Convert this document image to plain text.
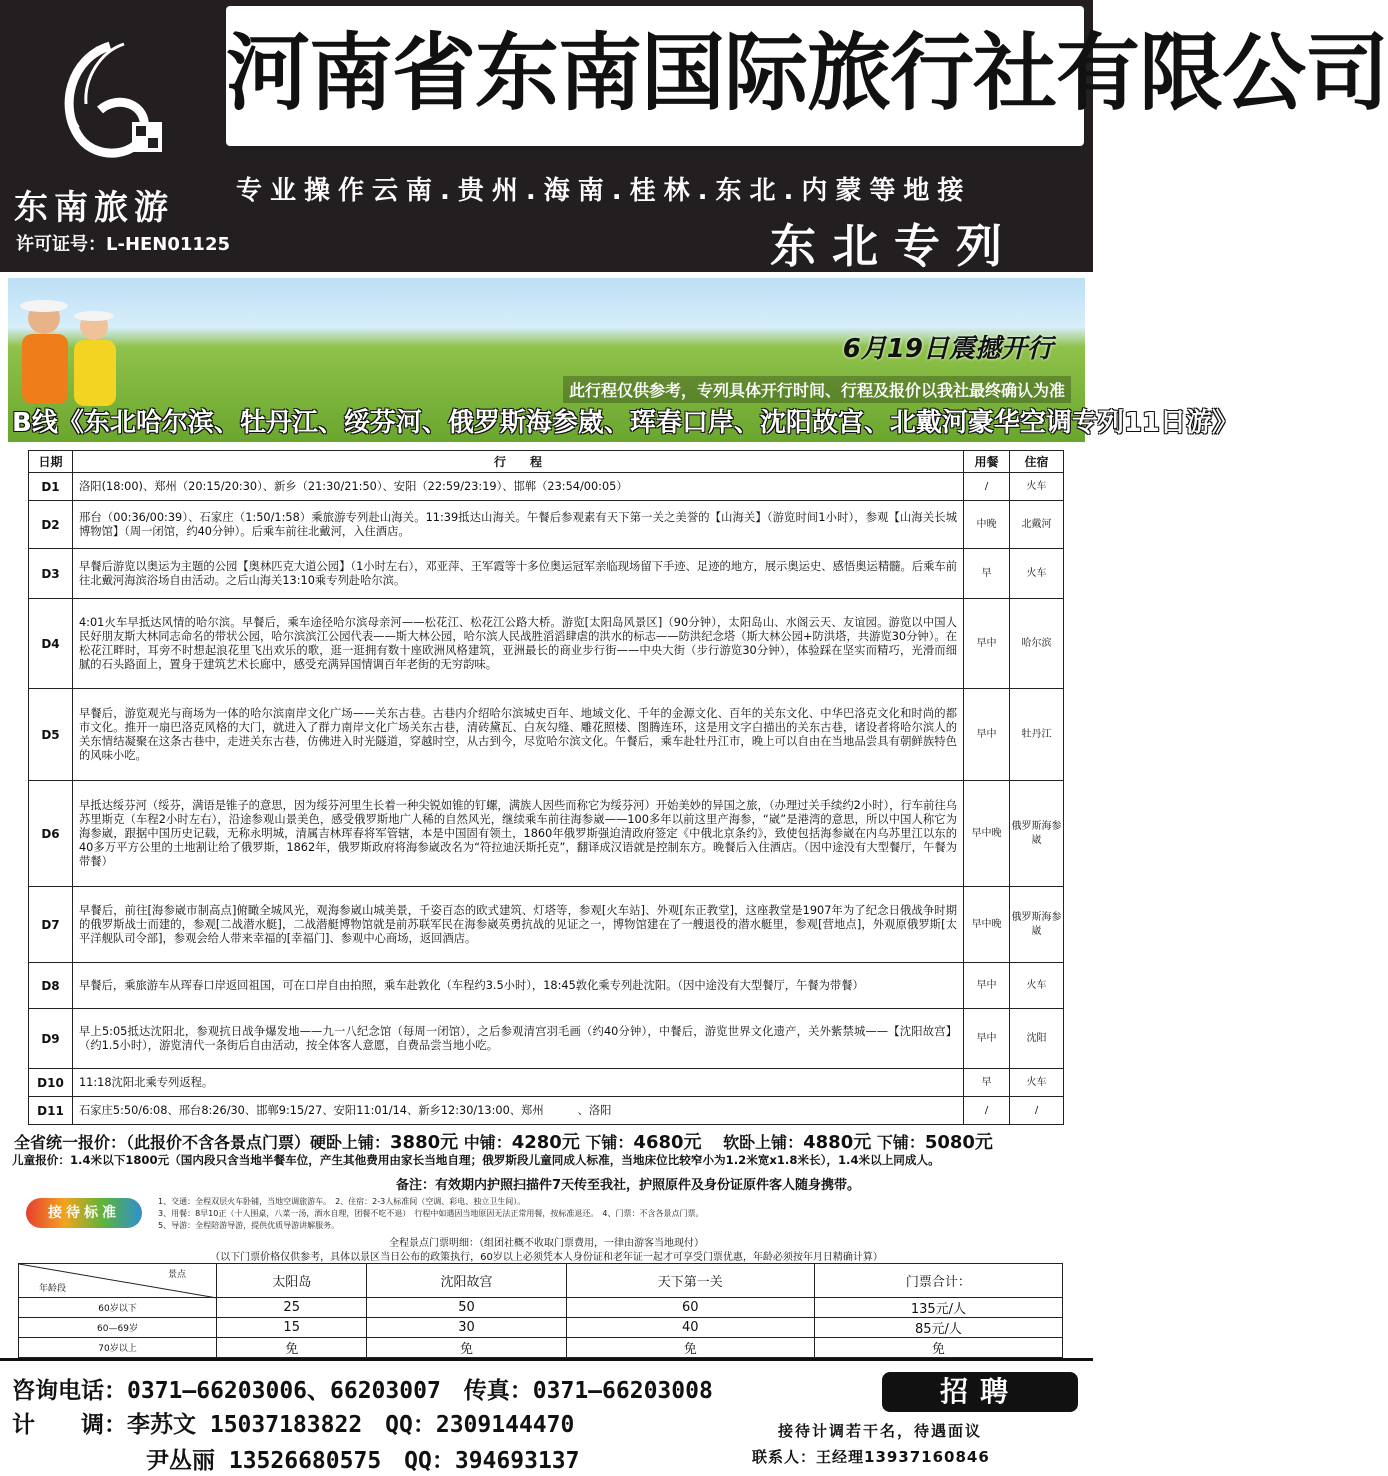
东南旅游
许可证号：L-HEN01125
河南省东南国际旅行社有限公司
专业操作云南.贵州.海南.桂林.东北.内蒙等地接
东北专列
6月19日震撼开行
此行程仅供参考，专列具体开行时间、行程及报价以我社最终确认为准
B线《东北哈尔滨、牡丹江、绥芬河、俄罗斯海参崴、珲春口岸、沈阳故宫、北戴河豪华空调专列11日游》
日期	行　　程	用餐	住宿
D1	洛阳(18:00)、郑州（20:15/20:30）、新乡（21:30/21:50）、安阳（22:59/23:19）、邯郸（23:54/00:05）	/	火车
D2	邢台（00:36/00:39）、石家庄（1:50/1:58）乘旅游专列赴山海关。11:39抵达山海关。午餐后参观素有天下第一关之美誉的【山海关】（游览时间1小时），参观【山海关长城博物馆】（周一闭馆，约40分钟）。后乘车前往北戴河，入住酒店。	中晚	北戴河
D3	早餐后游览以奥运为主题的公园【奥林匹克大道公园】（1小时左右），邓亚萍、王军霞等十多位奥运冠军亲临现场留下手迹、足迹的地方，展示奥运史、感悟奥运精髓。后乘车前往北戴河海滨浴场自由活动。之后山海关13:10乘专列赴哈尔滨。	早	火车
D4	4:01火车早抵达风情的哈尔滨。早餐后，乘车途径哈尔滨母亲河——松花江、松花江公路大桥。游览[太阳岛风景区]（90分钟），太阳岛山、水阁云天、友谊园。游览以中国人民好朋友斯大林同志命名的带状公园，哈尔滨滨江公园代表——斯大林公园，哈尔滨人民战胜滔滔肆虐的洪水的标志——防洪纪念塔（斯大林公园+防洪塔，共游览30分钟）。在松花江畔时，耳旁不时想起浪花里飞出欢乐的歌，逛一逛拥有数十座欧洲风格建筑，亚洲最长的商业步行街——中央大街（步行游览30分钟），体验踩在坚实而精巧，光滑而细腻的石头路面上，置身于建筑艺术长廊中，感受充满异国情调百年老街的无穷韵味。	早中	哈尔滨
D5	早餐后，游览观光与商场为一体的哈尔滨南岸文化广场——关东古巷。古巷内介绍哈尔滨城史百年、地域文化、千年的金源文化、百年的关东文化、中华巴洛克文化和时尚的都市文化。推开一扇巴洛克风格的大门，就进入了群力南岸文化广场关东古巷，清砖黛瓦、白灰勾缝、雕花照楼、图腾连环，这是用文字白描出的关东古巷，诸设者将哈尔滨人的关东情结凝聚在这条古巷中，走进关东古巷，仿佛进入时光隧道，穿越时空，从古到今，尽览哈尔滨文化。午餐后，乘车赴牡丹江市，晚上可以自由在当地品尝具有朝鲜族特色的风味小吃。	早中	牡丹江
D6	早抵达绥芬河（绥芬，满语是锥子的意思，因为绥芬河里生长着一种尖锐如锥的钉螺，满族人因些而称它为绥芬河）开始美妙的异国之旅，（办理过关手续约2小时），行车前往乌苏里斯克（车程2小时左右），沿途参观山景美色，感受俄罗斯地广人稀的自然风光，继续乘车前往海参崴——100多年以前这里产海参，“崴”是港湾的意思，所以中国人称它为海参崴，跟据中国历史记载，无称永明城，清属吉林珲春将军管辖，本是中国固有领土，1860年俄罗斯强迫清政府签定《中俄北京条约》，致使包括海参崴在内乌苏里江以东的40多万平方公里的土地割让给了俄罗斯，1862年，俄罗斯政府将海参崴改名为“符拉迪沃斯托克”，翻译成汉语就是控制东方。晚餐后入住酒店。（因中途没有大型餐厅，午餐为带餐）	早中晚	俄罗斯海参崴
D7	早餐后，前往[海参崴市制高点]俯瞰全城风光，观海参崴山城美景，千姿百态的欧式建筑、灯塔等，参观[火车站]、外观[东正教堂]，这座教堂是1907年为了纪念日俄战争时期的俄罗斯战士而建的，参观[二战潜水艇]，二战潜艇博物馆就是前苏联军民在海参崴英勇抗战的见证之一，博物馆建在了一艘退役的潜水艇里，参观[营地点]，外观原俄罗斯[太平洋舰队司令部]，参观会给人带来幸福的[幸福门]、参观中心商场，返回酒店。	早中晚	俄罗斯海参崴
D8	早餐后，乘旅游车从珲春口岸返回祖国，可在口岸自由拍照，乘车赴敦化（车程约3.5小时），18:45敦化乘专列赴沈阳。（因中途没有大型餐厅，午餐为带餐）	早中	火车
D9	早上5:05抵达沈阳北，参观抗日战争爆发地——九一八纪念馆（每周一闭馆），之后参观清宫羽毛画（约40分钟），中餐后，游览世界文化遗产，关外紫禁城——【沈阳故宫】（约1.5小时），游览清代一条街后自由活动，按全体客人意愿，自费品尝当地小吃。	早中	沈阳
D10	11:18沈阳北乘专列返程。	早	火车
D11	石家庄5:50/6:08、邢台8:26/30、邯郸9:15/27、安阳11:01/14、新乡12:30/13:00、郑州　　　、洛阳	/	/
全省统一报价：（此报价不含各景点门票）硬卧上铺：3880元 中铺：4280元 下铺：4680元 　 软卧上铺：4880元 下铺：5080元
儿童报价：1.4米以下1800元（国内段只含当地半餐车位，产生其他费用由家长当地自理；俄罗斯段儿童同成人标准，当地床位比较窄小为1.2米宽x1.8米长），1.4米以上同成人。
备注：有效期内护照扫描件7天传至我社，护照原件及身份证原件客人随身携带。
接待标准
1、交通：全程双层火车卧铺，当地空调旅游车。　2、住宿：2-3人标准间（空调、彩电、独立卫生间）。
3、用餐：8早10正（十人围桌，八菜一汤，酒水自理，团餐不吃不退）　行程中如遇因当地原因无法正常用餐，按标准退还。　4、门票：不含各景点门票。
5、导游：全程陪游导游，提供优质导游讲解服务。
全程景点门票明细：（组团社概不收取门票费用，一律由游客当地现付）
（以下门票价格仅供参考，具体以景区当日公布的政策执行，60岁以上必须凭本人身份证和老年证一起才可享受门票优惠，年龄必须按年月日精确计算）
景点
年龄段	太阳岛	沈阳故宫	天下第一关	门票合计：
60岁以下	25	50	60	135元/人
60—69岁	15	30	40	85元/人
70岁以上	免	免	免	免
咨询电话：0371—66203006、66203007　传真：0371—66203008
计　　调：李苏文 15037183822　QQ：2309144470
尹丛丽 13526680575　QQ：394693137
招聘
接待计调若干名，待遇面议
联系人：王经理13937160846
